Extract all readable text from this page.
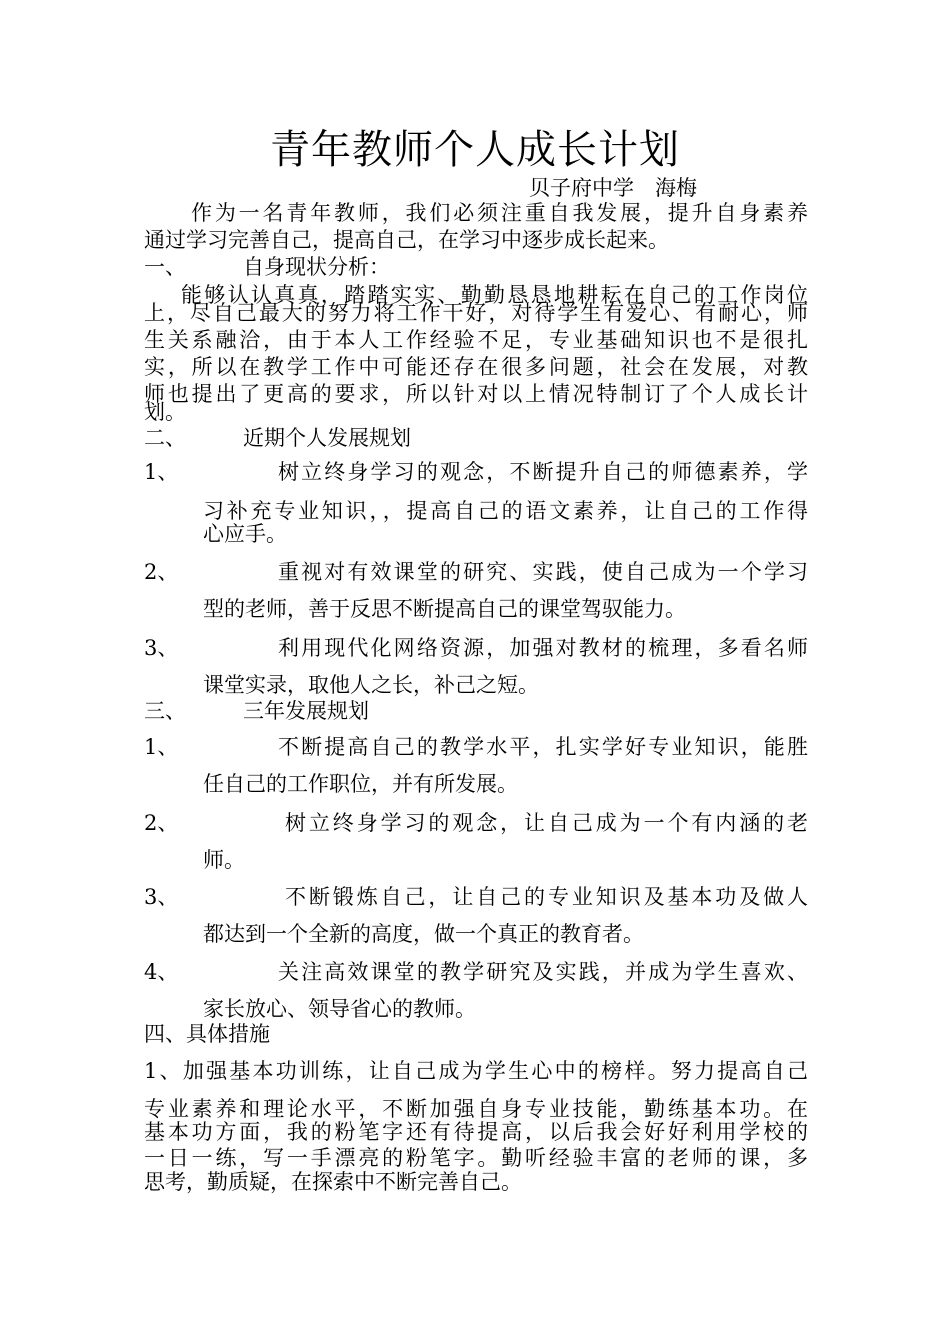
青年教师个人成长计划
贝子府中学　海梅
作为一名青年教师，我们必须注重自我发展，提升自身素养
通过学习完善自己，提高自己，在学习中逐步成长起来。
一、	自身现状分析：
能够认认真真，踏踏实实、勤勤恳恳地耕耘在自己的工作岗位
上，尽自己最大的努力将工作干好，对待学生有爱心、有耐心，师
生关系融洽，由于本人工作经验不足，专业基础知识也不是很扎
实，所以在教学工作中可能还存在很多问题，社会在发展，对教
师也提出了更高的要求，所以针对以上情况特制订了个人成长计
划。
二、	近期个人发展规划
1、	树立终身学习的观念，不断提升自己的师德素养，学
习补充专业知识，，提高自己的语文素养，让自己的工作得
心应手。
2、	重视对有效课堂的研究、实践，使自己成为一个学习
型的老师，善于反思不断提高自己的课堂驾驭能力。
3、	利用现代化网络资源，加强对教材的梳理，多看名师
课堂实录，取他人之长，补己之短。
三、	三年发展规划
1、	不断提高自己的教学水平，扎实学好专业知识，能胜
任自己的工作职位，并有所发展。
2、	树立终身学习的观念，让自己成为一个有内涵的老
师。
3、	不断锻炼自己，让自己的专业知识及基本功及做人
都达到一个全新的高度，做一个真正的教育者。
4、	关注高效课堂的教学研究及实践，并成为学生喜欢、
家长放心、领导省心的教师。
四、具体措施
1、加强基本功训练，让自己成为学生心中的榜样。努力提高自己
专业素养和理论水平，不断加强自身专业技能，勤练基本功。在
基本功方面，我的粉笔字还有待提高，以后我会好好利用学校的
一日一练，写一手漂亮的粉笔字。勤听经验丰富的老师的课，多
思考，勤质疑，在探索中不断完善自己。
